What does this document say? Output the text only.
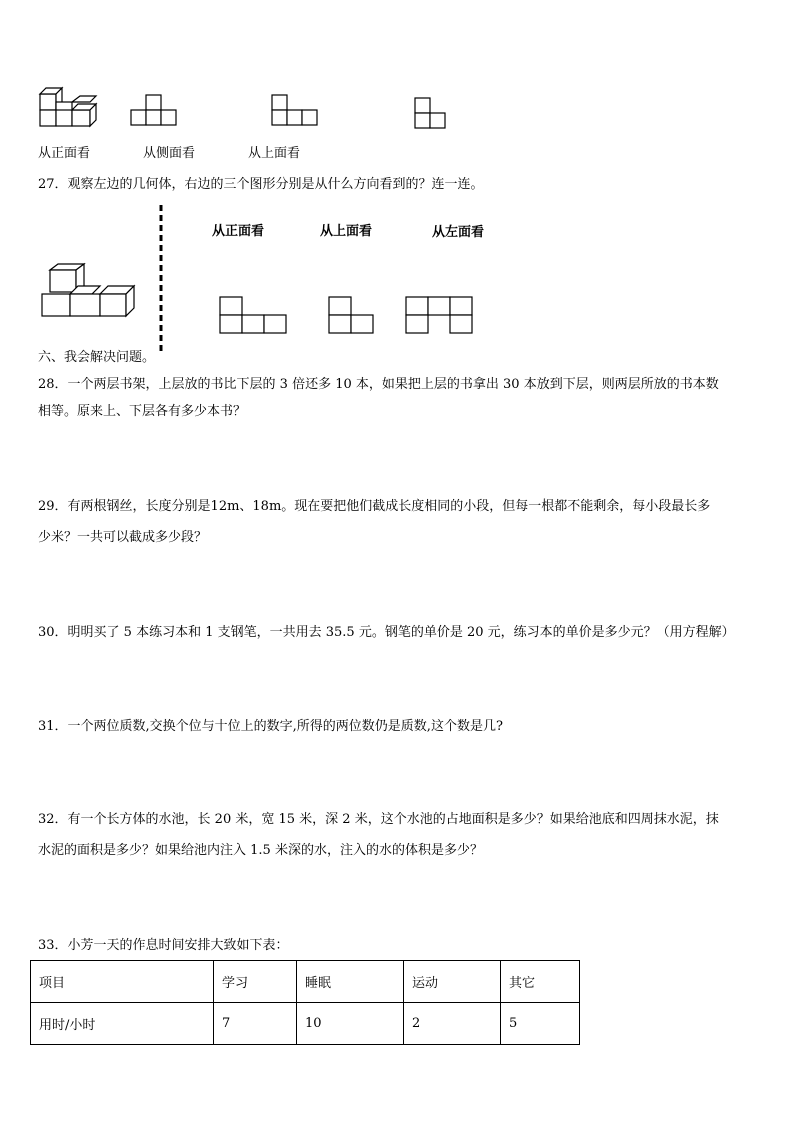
从正面看	从侧面看	从上面看
27．观察左边的几何体，右边的三个图形分别是从什么方向看到的？连一连。
从正面看	从上面看	从左面看
六、我会解决问题。
28．一个两层书架，上层放的书比下层的 3 倍还多 10 本，如果把上层的书拿出 30 本放到下层，则两层所放的书本数
相等。原来上、下层各有多少本书？
29．有两根钢丝，长度分别是12m、18m。现在要把他们截成长度相同的小段，但每一根都不能剩余，每小段最长多
少米？一共可以截成多少段？
30．明明买了 5 本练习本和 1 支钢笔，一共用去 35.5 元。钢笔的单价是 20 元，练习本的单价是多少元？（用方程解）
31．一个两位质数,交换个位与十位上的数字,所得的两位数仍是质数,这个数是几?
32．有一个长方体的水池，长 20 米，宽 15 米，深 2 米，这个水池的占地面积是多少？如果给池底和四周抹水泥，抹
水泥的面积是多少？如果给池内注入 1.5 米深的水，注入的水的体积是多少？
33．小芳一天的作息时间安排大致如下表：
项目	学习	睡眠	运动	其它
用时/小时	7	10	2	5
